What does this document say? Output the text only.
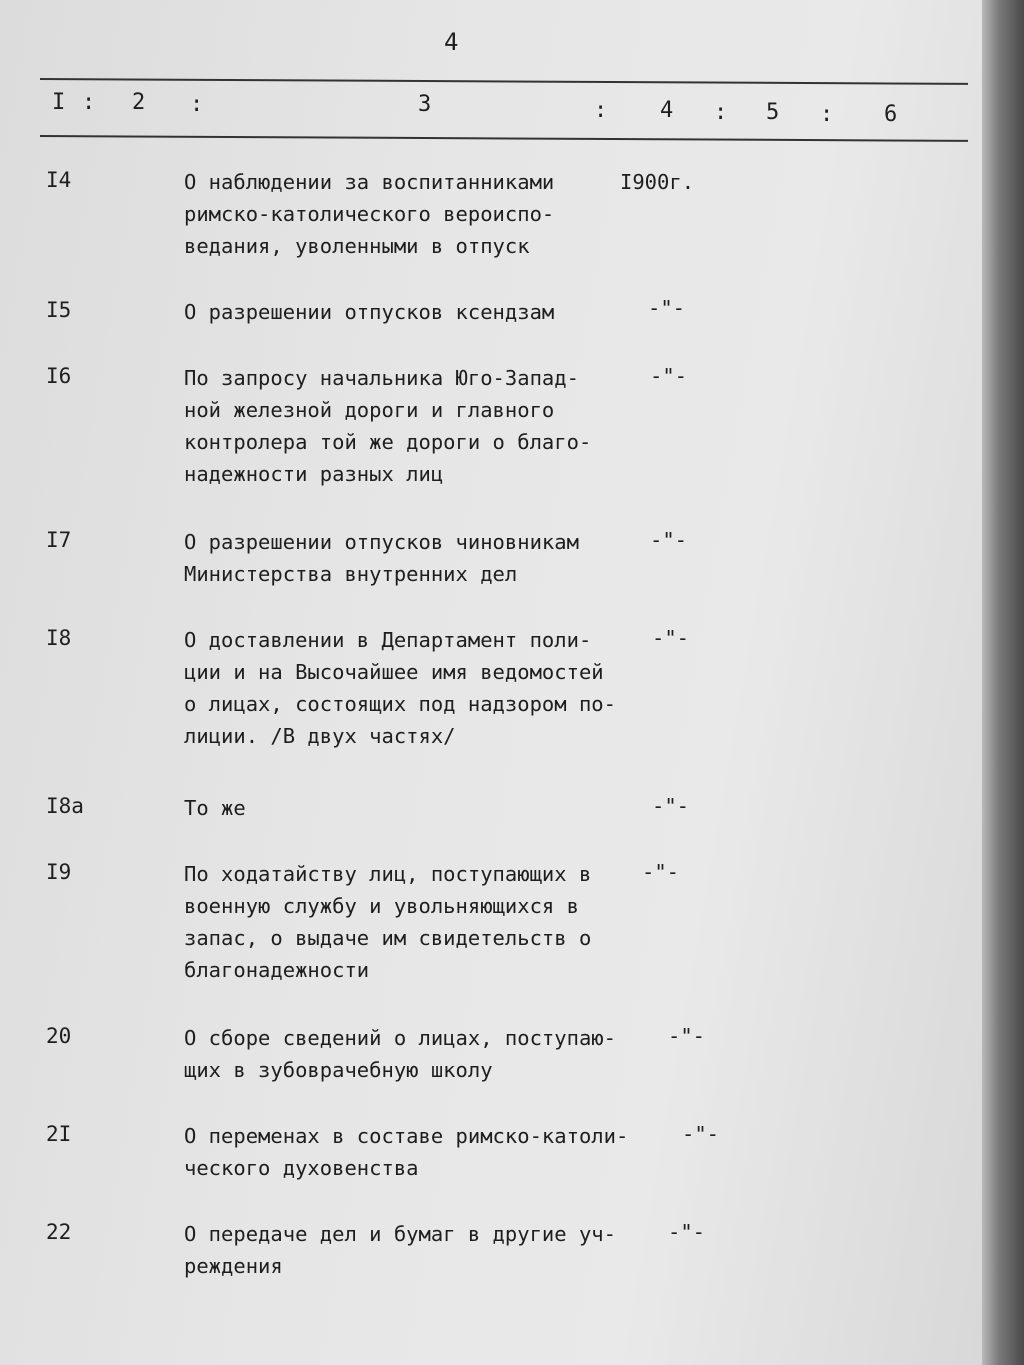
4
I : 2 :	3	: 4 : 5 : 6
I4	О наблюдении за воспитанниками
римско-католического вероиспо-
ведания, уволенными в отпуск
I900г.
I5	О разрешении отпусков ксендзам	-"-
I6	По запросу начальника Юго-Запад-
ной железной дороги и главного
контролера той же дороги о благо-
надежности разных лиц
-"-
I7	О разрешении отпусков чиновникам
Министерства внутренних дел
-"-
I8	О доставлении в Департамент поли-
ции и на Высочайшее имя ведомостей
о лицах, состоящих под надзором по-
лиции. /В двух частях/
-"-
I8а	То же	-"-
I9	По ходатайству лиц, поступающих в
военную службу и увольняющихся в
запас, о выдаче им свидетельств о
благонадежности
-"-
20	О сборе сведений о лицах, поступаю-
щих в зубоврачебную школу
-"-
2I	О переменах в составе римско-католи-
ческого духовенства
-"-
22	О передаче дел и бумаг в другие уч-
реждения
-"-
